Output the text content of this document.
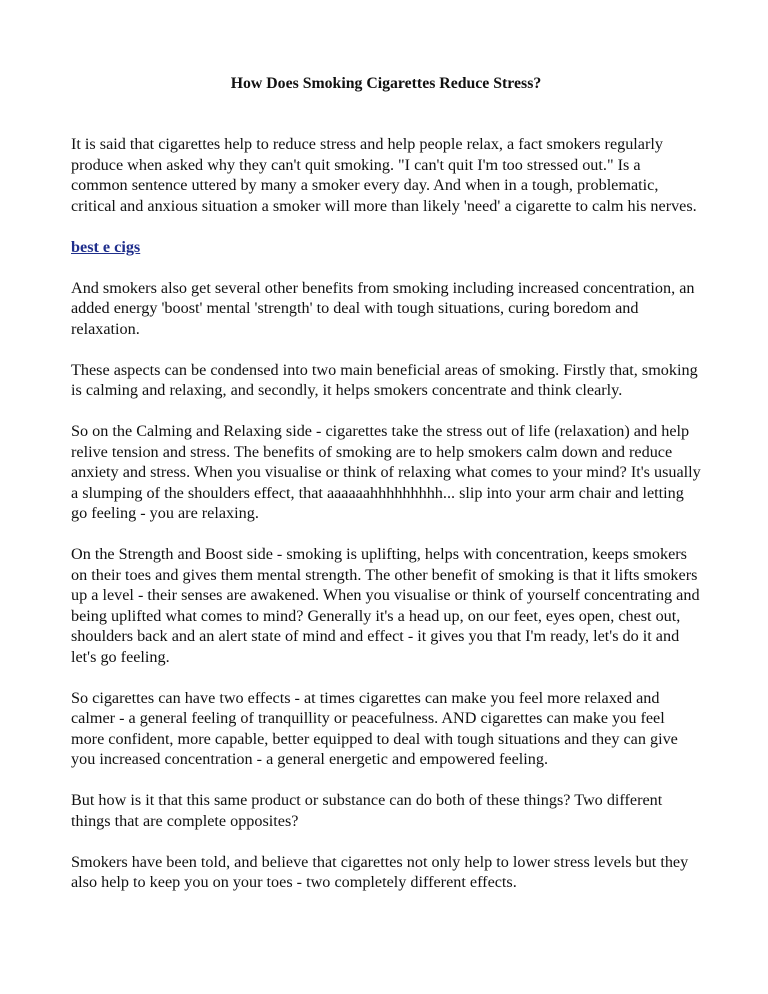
How Does Smoking Cigarettes Reduce Stress?

It is said that cigarettes help to reduce stress and help people relax, a fact smokers regularly produce when asked why they can't quit smoking. "I can't quit I'm too stressed out." Is a common sentence uttered by many a smoker every day. And when in a tough, problematic, critical and anxious situation a smoker will more than likely 'need' a cigarette to calm his nerves.

best e cigs

And smokers also get several other benefits from smoking including increased concentration, an added energy 'boost' mental 'strength' to deal with tough situations, curing boredom and relaxation.

These aspects can be condensed into two main beneficial areas of smoking. Firstly that, smoking is calming and relaxing, and secondly, it helps smokers concentrate and think clearly.

So on the Calming and Relaxing side - cigarettes take the stress out of life (relaxation) and help relive tension and stress. The benefits of smoking are to help smokers calm down and reduce anxiety and stress. When you visualise or think of relaxing what comes to your mind? It's usually a slumping of the shoulders effect, that aaaaaahhhhhhhhh... slip into your arm chair and letting go feeling - you are relaxing.

On the Strength and Boost side - smoking is uplifting, helps with concentration, keeps smokers on their toes and gives them mental strength. The other benefit of smoking is that it lifts smokers up a level - their senses are awakened. When you visualise or think of yourself concentrating and being uplifted what comes to mind? Generally it's a head up, on our feet, eyes open, chest out, shoulders back and an alert state of mind and effect - it gives you that I'm ready, let's do it and let's go feeling.

So cigarettes can have two effects - at times cigarettes can make you feel more relaxed and calmer - a general feeling of tranquillity or peacefulness. AND cigarettes can make you feel more confident, more capable, better equipped to deal with tough situations and they can give you increased concentration - a general energetic and empowered feeling.

But how is it that this same product or substance can do both of these things? Two different things that are complete opposites?

Smokers have been told, and believe that cigarettes not only help to lower stress levels but they also help to keep you on your toes - two completely different effects.
